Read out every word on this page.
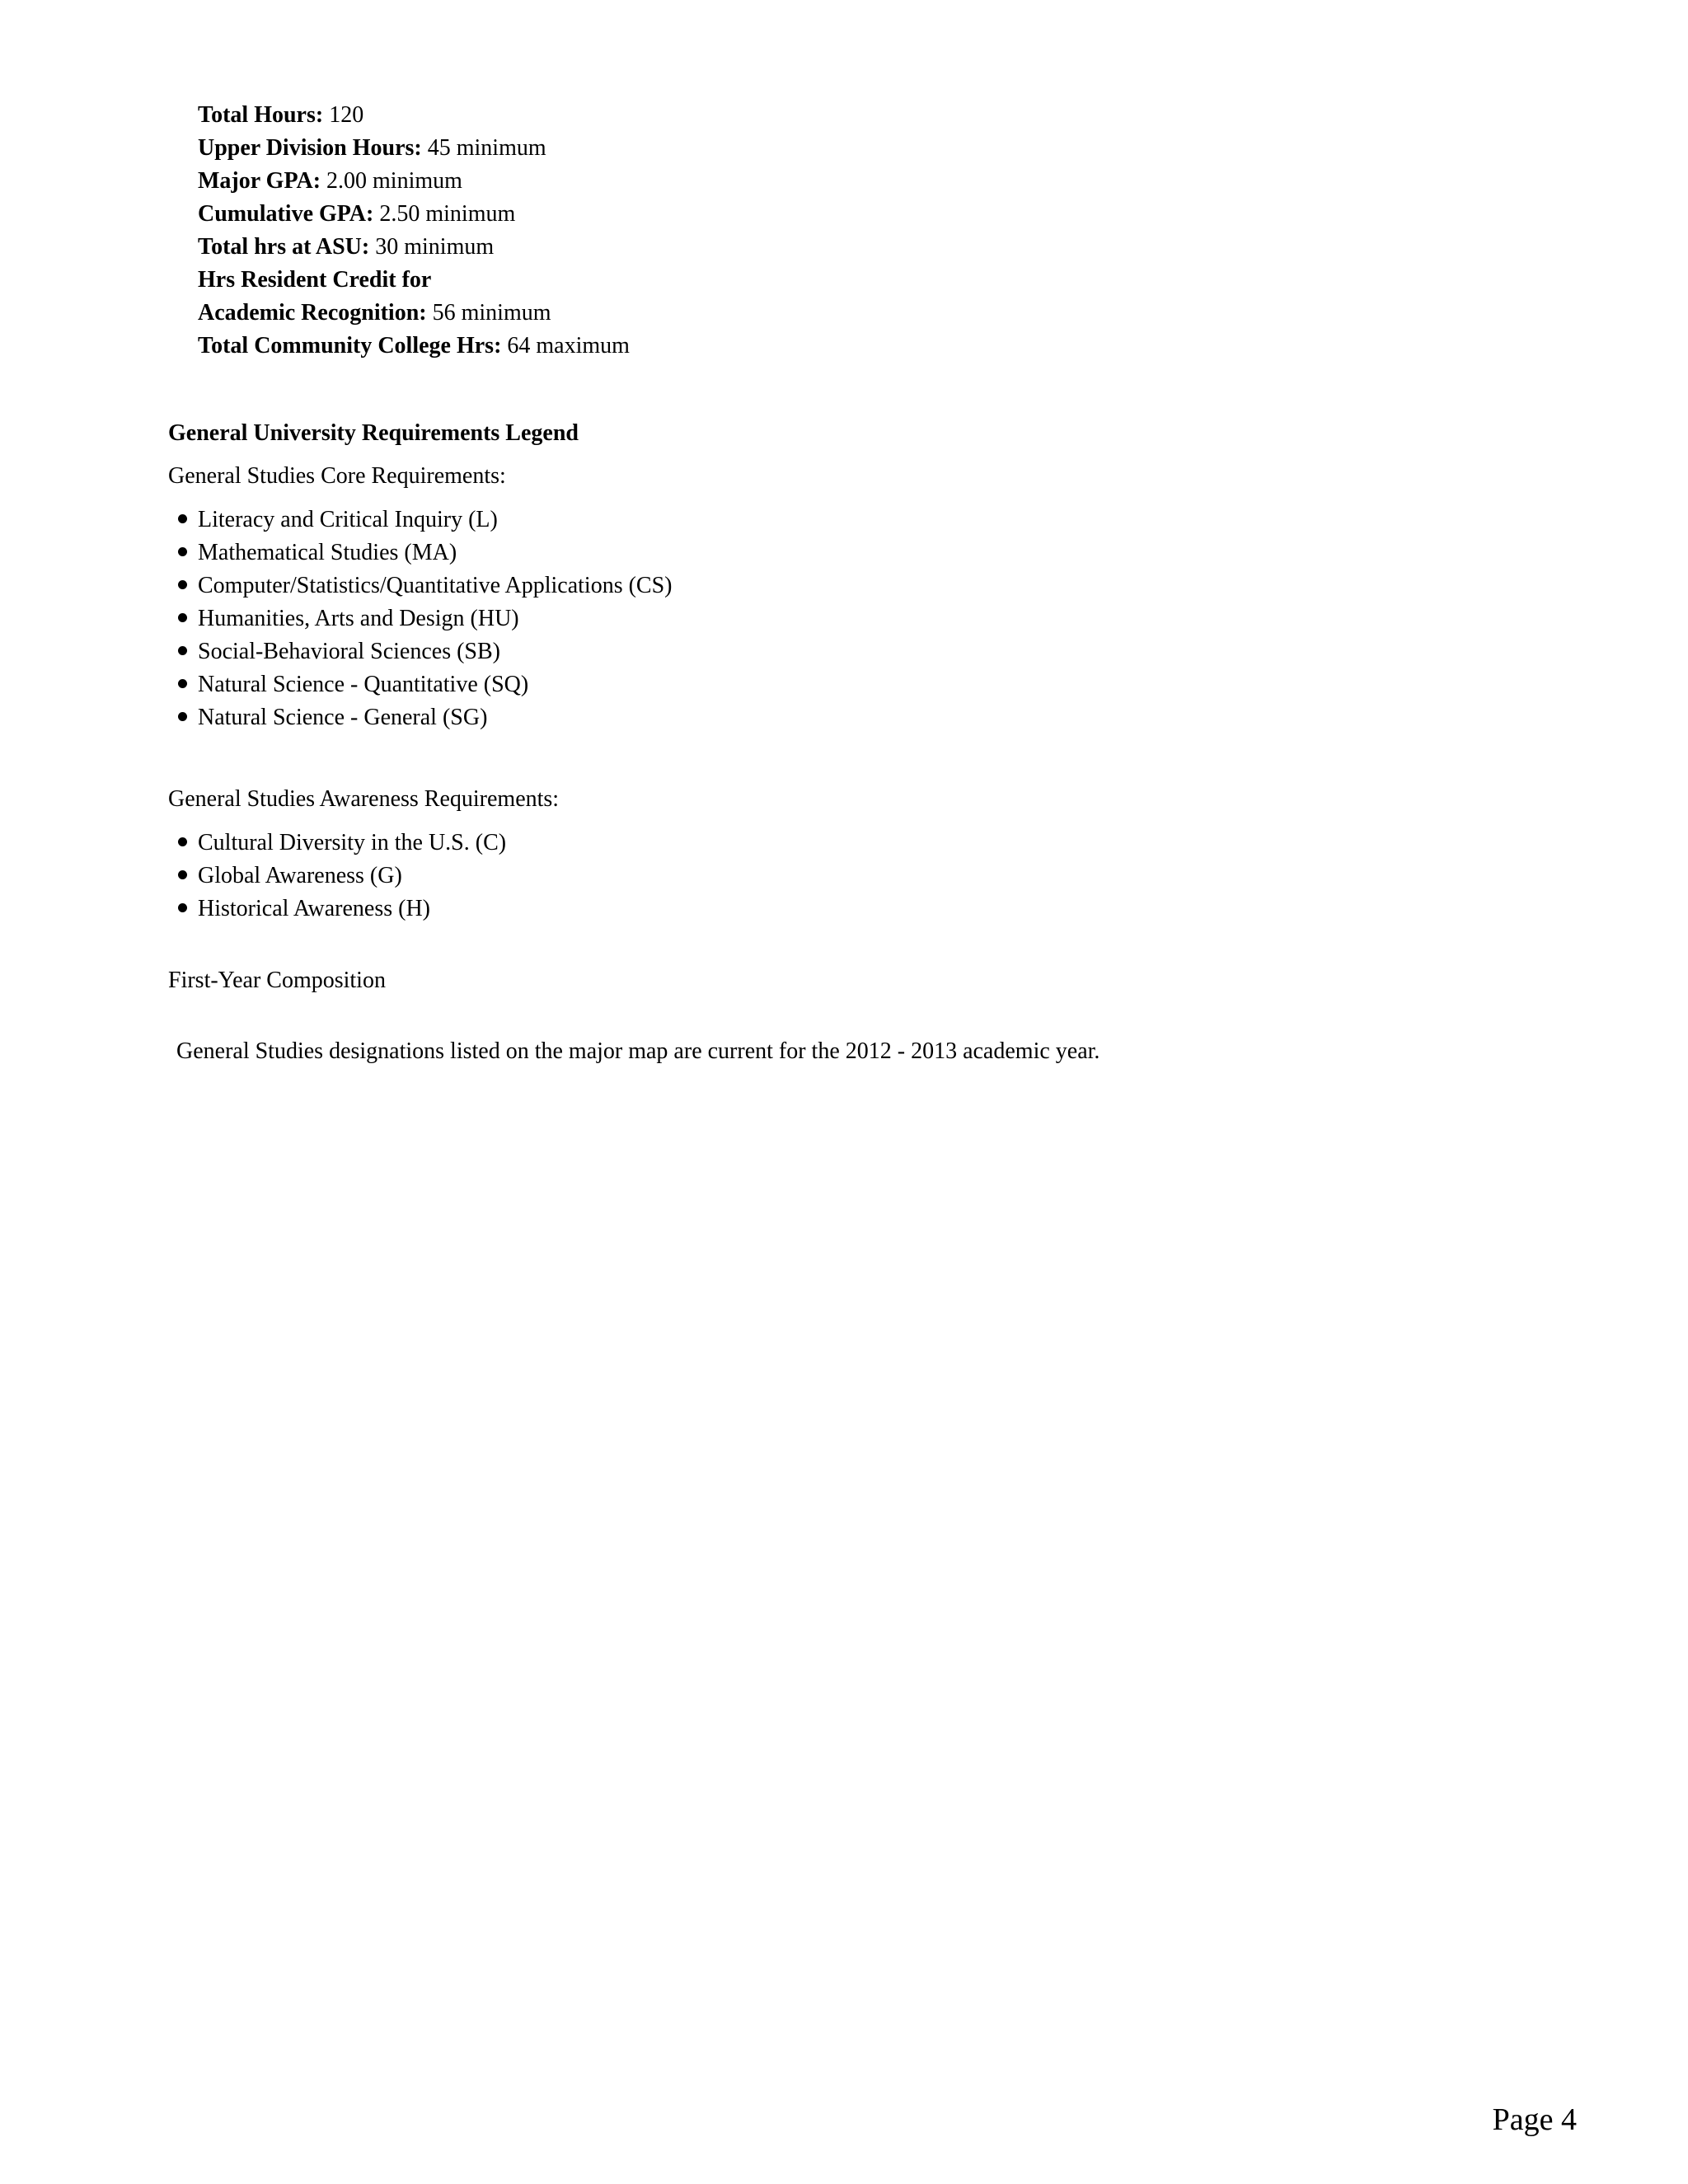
Total Hours: 120
Upper Division Hours: 45 minimum
Major GPA: 2.00 minimum
Cumulative GPA: 2.50 minimum
Total hrs at ASU: 30 minimum
Hrs Resident Credit for
Academic Recognition: 56 minimum
Total Community College Hrs: 64 maximum
General University Requirements Legend
General Studies Core Requirements:
Literacy and Critical Inquiry (L)
Mathematical Studies (MA)
Computer/Statistics/Quantitative Applications (CS)
Humanities, Arts and Design (HU)
Social-Behavioral Sciences (SB)
Natural Science - Quantitative (SQ)
Natural Science - General (SG)
General Studies Awareness Requirements:
Cultural Diversity in the U.S. (C)
Global Awareness (G)
Historical Awareness (H)
First-Year Composition
General Studies designations listed on the major map are current for the 2012 - 2013 academic year.
Page 4
